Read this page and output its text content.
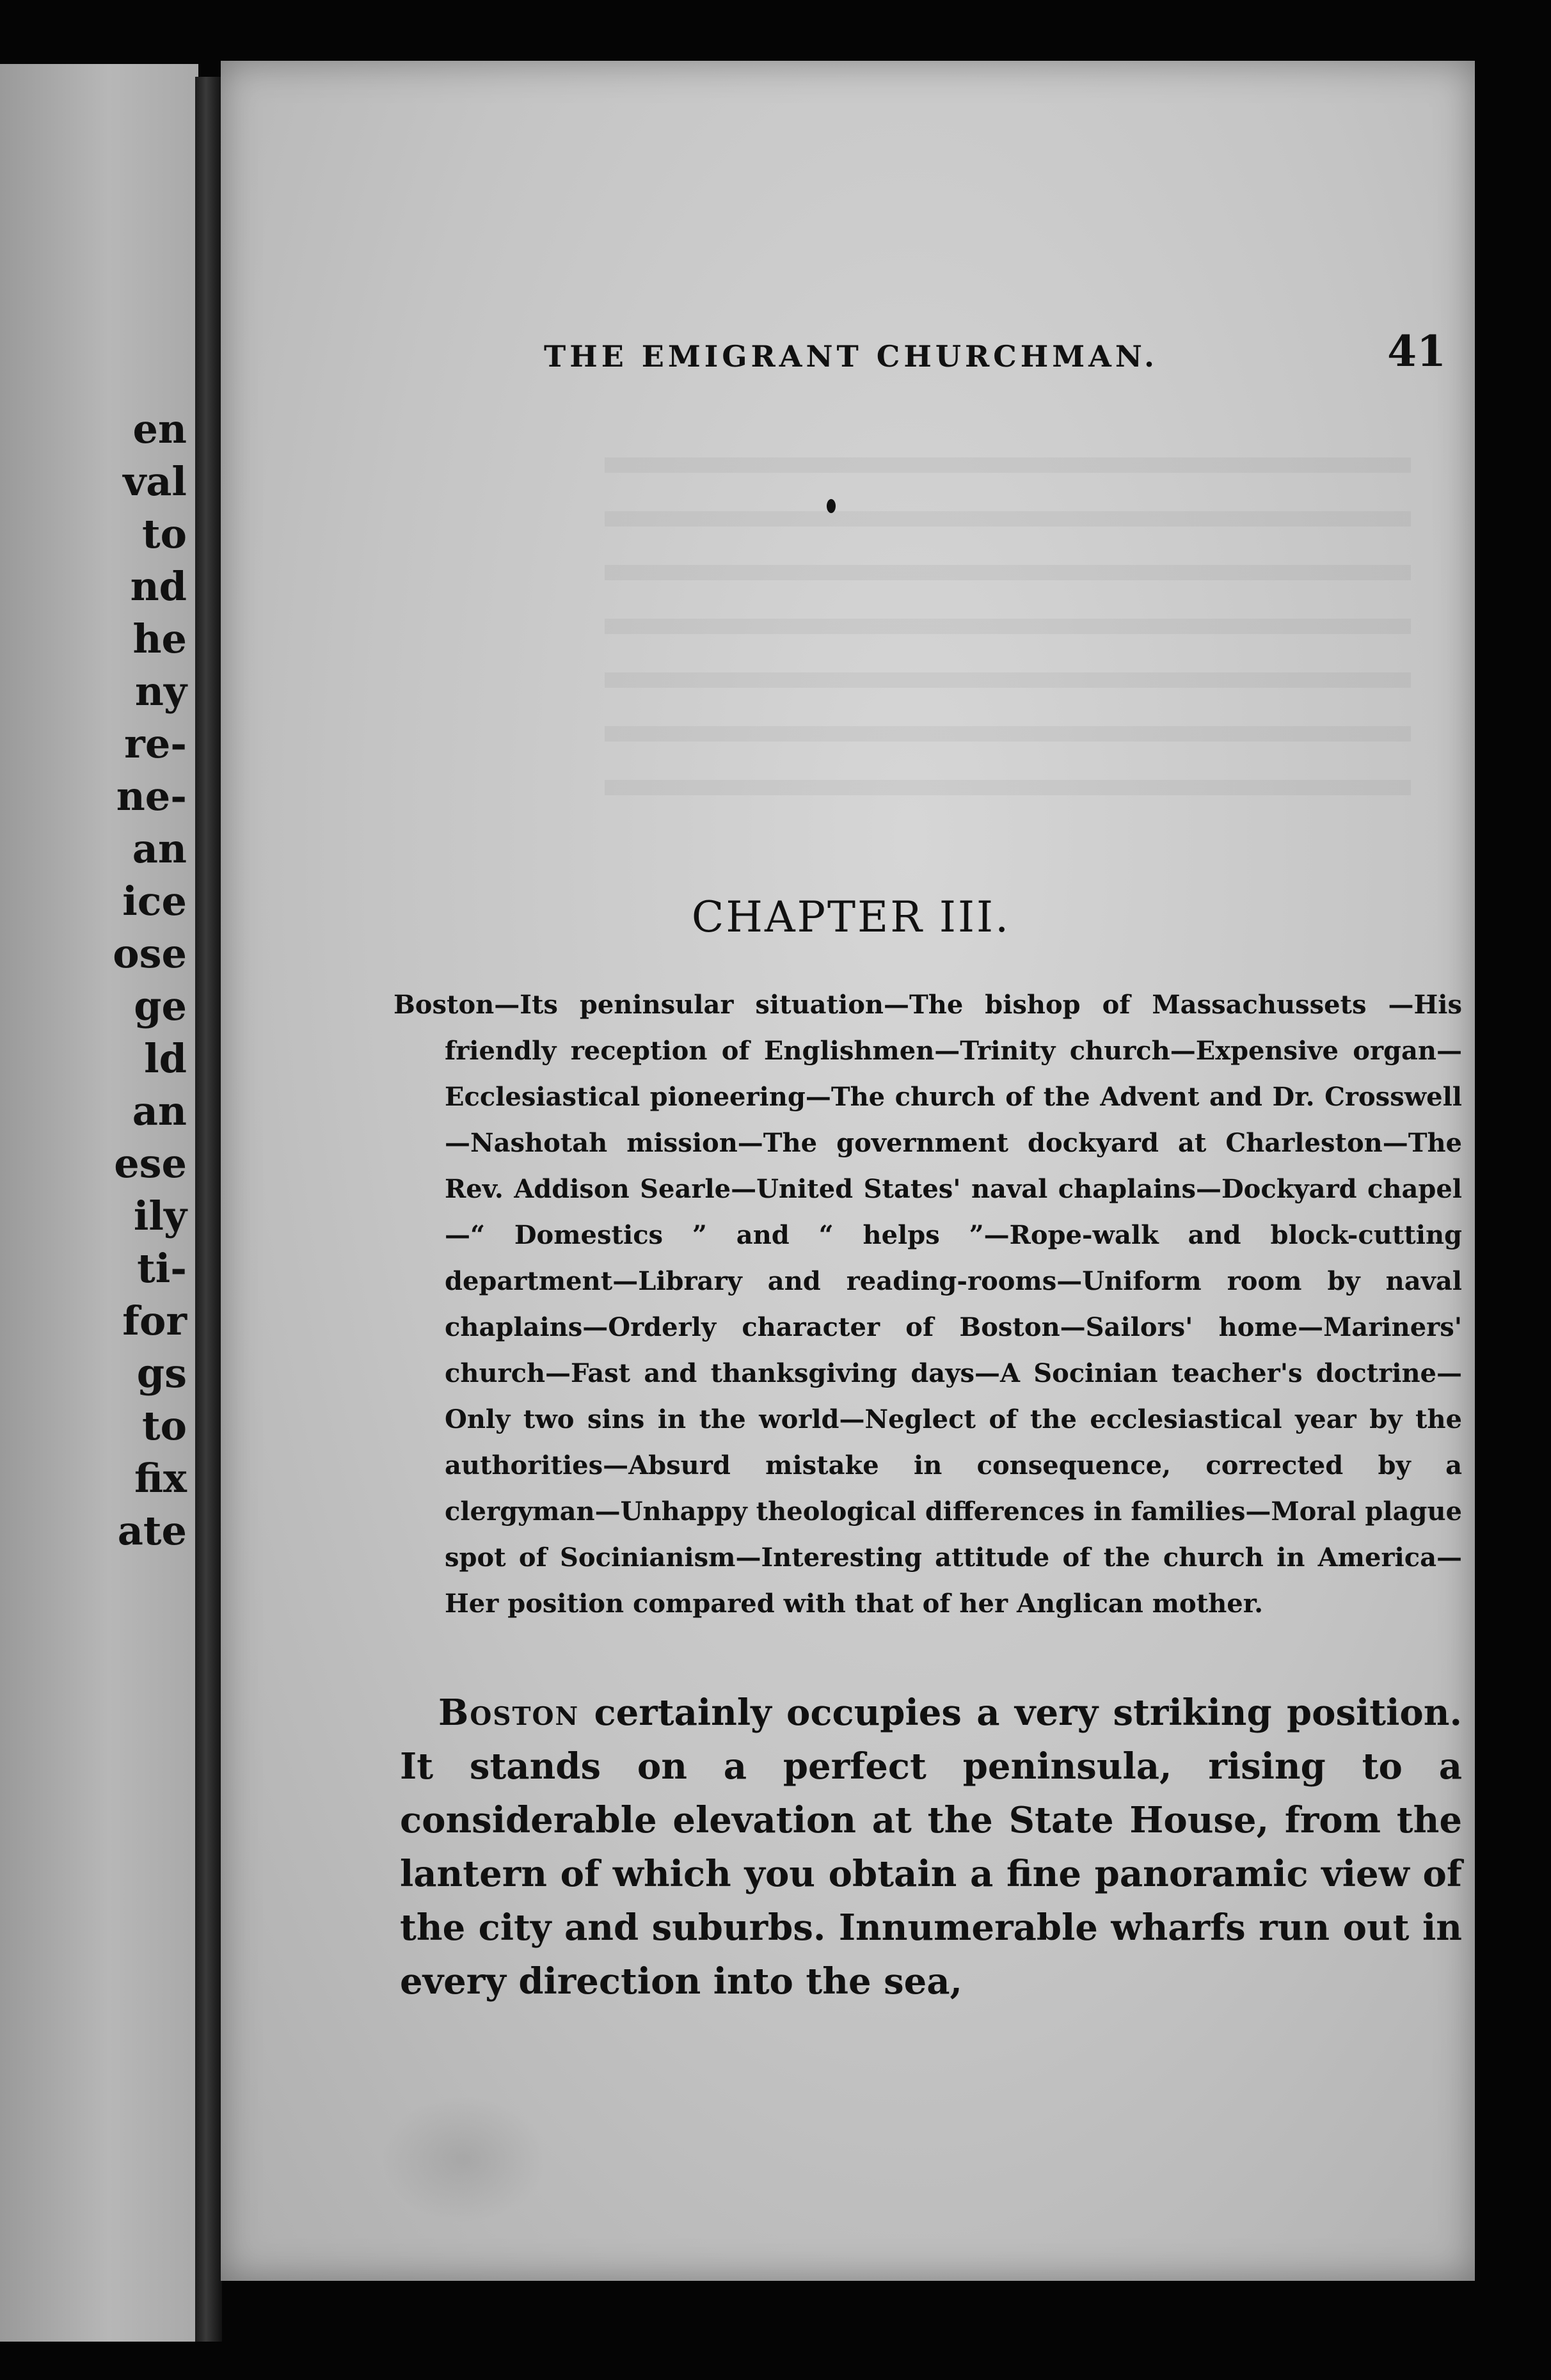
en
val
to
nd
he
ny
re-
ne-
an
ice
ose
ge
ld
an
ese
ily
ti-
for
gs
to
fix
ate
THE EMIGRANT CHURCHMAN.	41
CHAPTER III.
Boston—Its peninsular situation—The bishop of Massachussets —His friendly reception of Englishmen—Trinity church—Expensive organ—Ecclesiastical pioneering—The church of the Advent and Dr. Crosswell —Nashotah mission—The government dockyard at Charleston—The Rev. Addison Searle—United States' naval chaplains—Dockyard chapel—“ Domestics ” and “ helps ”—Rope-walk and block-cutting department—Library and reading-rooms—Uniform room by naval chaplains—Orderly character of Boston—Sailors' home—Mariners' church—Fast and thanksgiving days—A Socinian teacher's doctrine—Only two sins in the world—Neglect of the ecclesiastical year by the authorities—Absurd mistake in consequence, corrected by a clergyman—Unhappy theological differences in families—Moral plague spot of Socinianism—Interesting attitude of the church in America—Her position compared with that of her Anglican mother.
Boston certainly occupies a very striking position. It stands on a perfect peninsula, rising to a considerable elevation at the State House, from the lantern of which you obtain a fine panoramic view of the city and suburbs. Innumerable wharfs run out in every direction into the sea,
